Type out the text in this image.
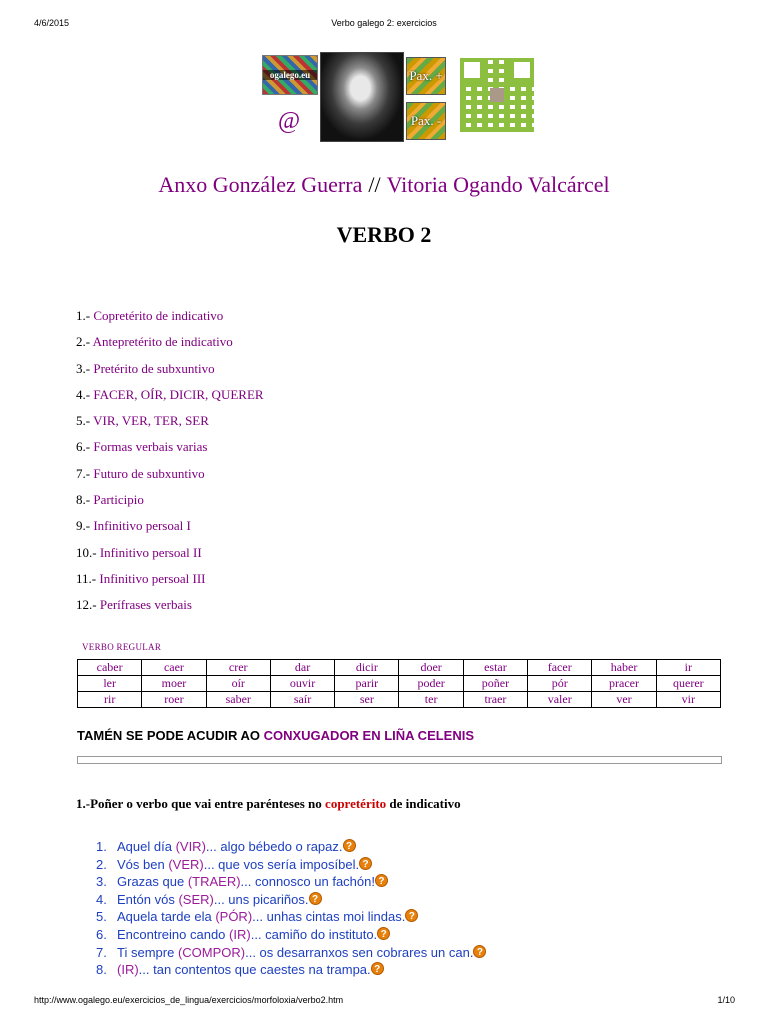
4/6/2015	Verbo galego 2: exercicios
ogalego.eu
@
Pax. +
Pax. -
Anxo González Guerra // Vitoria Ogando Valcárcel
VERBO 2
1.- Copretérito de indicativo
2.- Antepretérito de indicativo
3.- Pretérito de subxuntivo
4.- FACER, OÍR, DICIR, QUERER
5.- VIR, VER, TER, SER
6.- Formas verbais varias
7.- Futuro de subxuntivo
8.- Participio
9.- Infinitivo persoal I
10.- Infinitivo persoal II
11.- Infinitivo persoal III
12.- Perífrases verbais
VERBO REGULAR
caber	caer	crer	dar	dicir	doer	estar	facer	haber	ir
ler	moer	oír	ouvir	parir	poder	poñer	pór	pracer	querer
rir	roer	saber	saír	ser	ter	traer	valer	ver	vir
TAMÉN SE PODE ACUDIR AO CONXUGADOR EN LIÑA CELENIS
1.-Poñer o verbo que vai entre parénteses no copretérito de indicativo
1. Aquel día (VIR)... algo bébedo o rapaz. ?
2. Vós ben (VER)... que vos sería imposíbel. ?
3. Grazas que (TRAER)... connosco un fachón! ?
4. Entón vós (SER)... uns picariños. ?
5. Aquela tarde ela (PÓR)... unhas cintas moi lindas. ?
6. Encontreino cando (IR)... camiño do instituto. ?
7. Ti sempre (COMPOR)... os desarranxos sen cobrares un can. ?
8. (IR)... tan contentos que caestes na trampa. ?
http://www.ogalego.eu/exercicios_de_lingua/exercicios/morfoloxia/verbo2.htm	1/10
